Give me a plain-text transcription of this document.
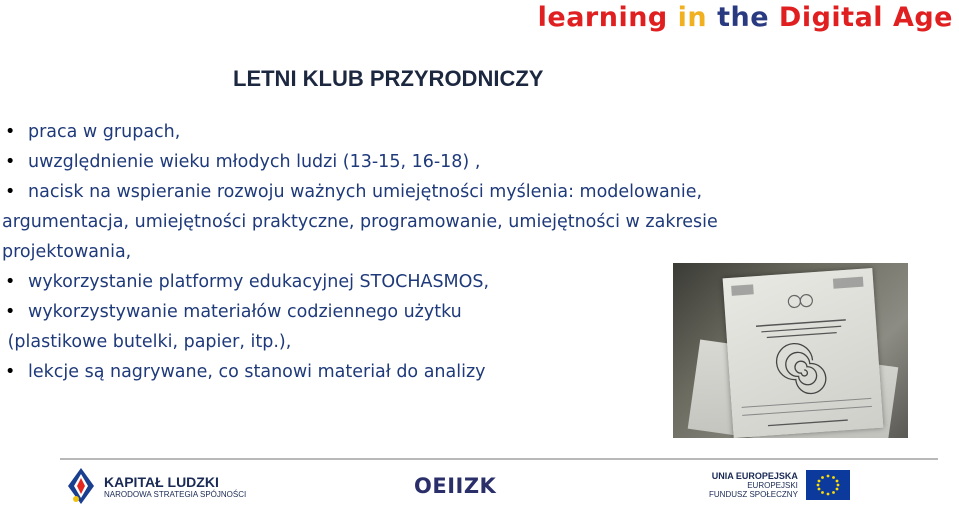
learning in the Digital Age
LETNI KLUB PRZYRODNICZY
• praca w grupach,
• uwzględnienie wieku młodych ludzi (13-15, 16-18) ,
• nacisk na wspieranie rozwoju ważnych umiejętności myślenia: modelowanie,
argumentacja, umiejętności praktyczne, programowanie, umiejętności w zakresie
projektowania,
• wykorzystanie platformy edukacyjnej STOCHASMOS,
• wykorzystywanie materiałów codziennego użytku
(plastikowe butelki, papier, itp.),
• lekcje są nagrywane, co stanowi materiał do analizy
KAPITAŁ LUDZKI
NARODOWA STRATEGIA SPÓJNOŚCI	OEIIZK	UNIA EUROPEJSKA
EUROPEJSKI
FUNDUSZ SPOŁECZNY
